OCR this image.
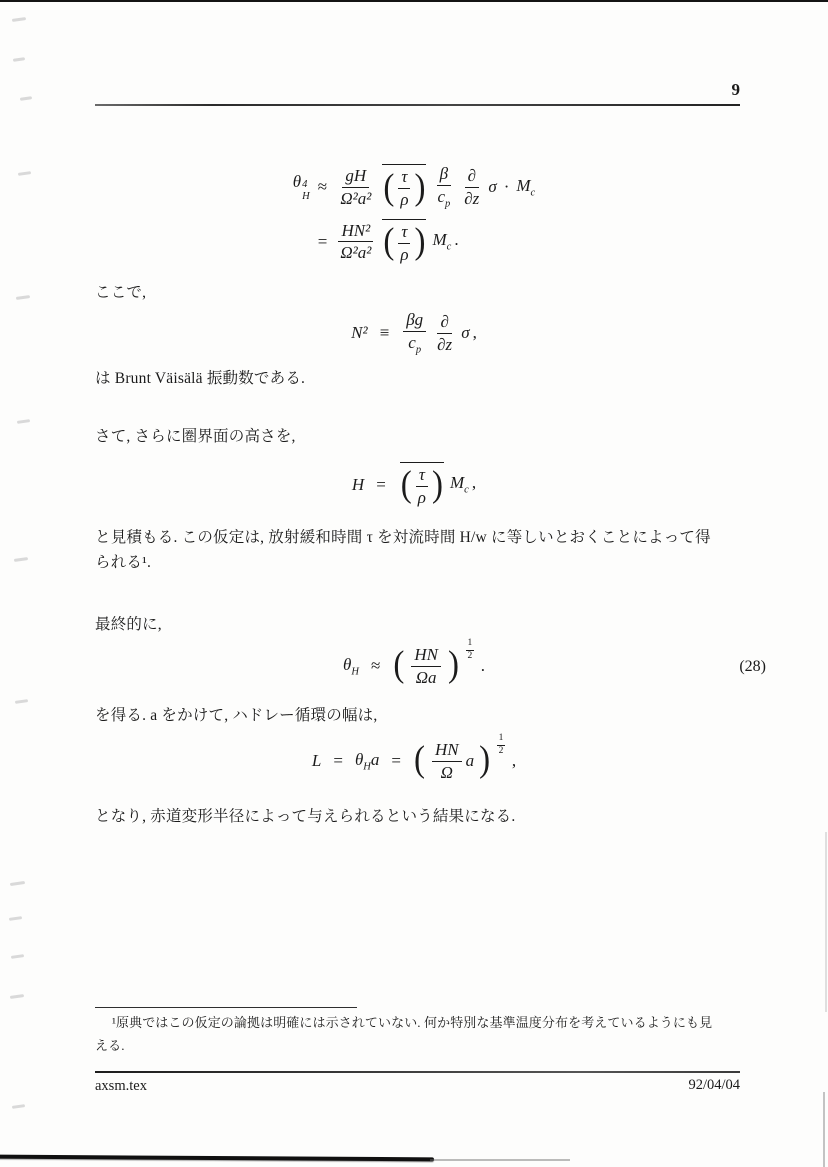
9
θ 4
H ≈
gH
Ω²a² ( τ
ρ ) β
$c_p$
∂
∂z
$\sigma \cdot M_c$
=
HN²
Ω²a² ( τ
ρ ) $M_c$ .
ここで,
N² ≡
βg
$c_p$
∂
∂z
σ ,
は Brunt Väisälä 振動数である.
さて, さらに圏界面の高さを,
H = ( τ
ρ ) $M_c$ ,
と見積もる. この仮定は, 放射緩和時間 τ を対流時間 H/w に等しいとおくことによって得
られる¹.
最終的に,
$\theta_H$ ≈ ( HN
Ωa )
1
2
.	(28)
を得る. a をかけて, ハドレー循環の幅は,
$L = \theta_Ha$ = ( HN
Ω
a )
1
2
,
となり, 赤道変形半径によって与えられるという結果になる.
¹原典ではこの仮定の論拠は明確には示されていない. 何か特別な基準温度分布を考えているようにも見
える.
axsm.tex	92/04/04
